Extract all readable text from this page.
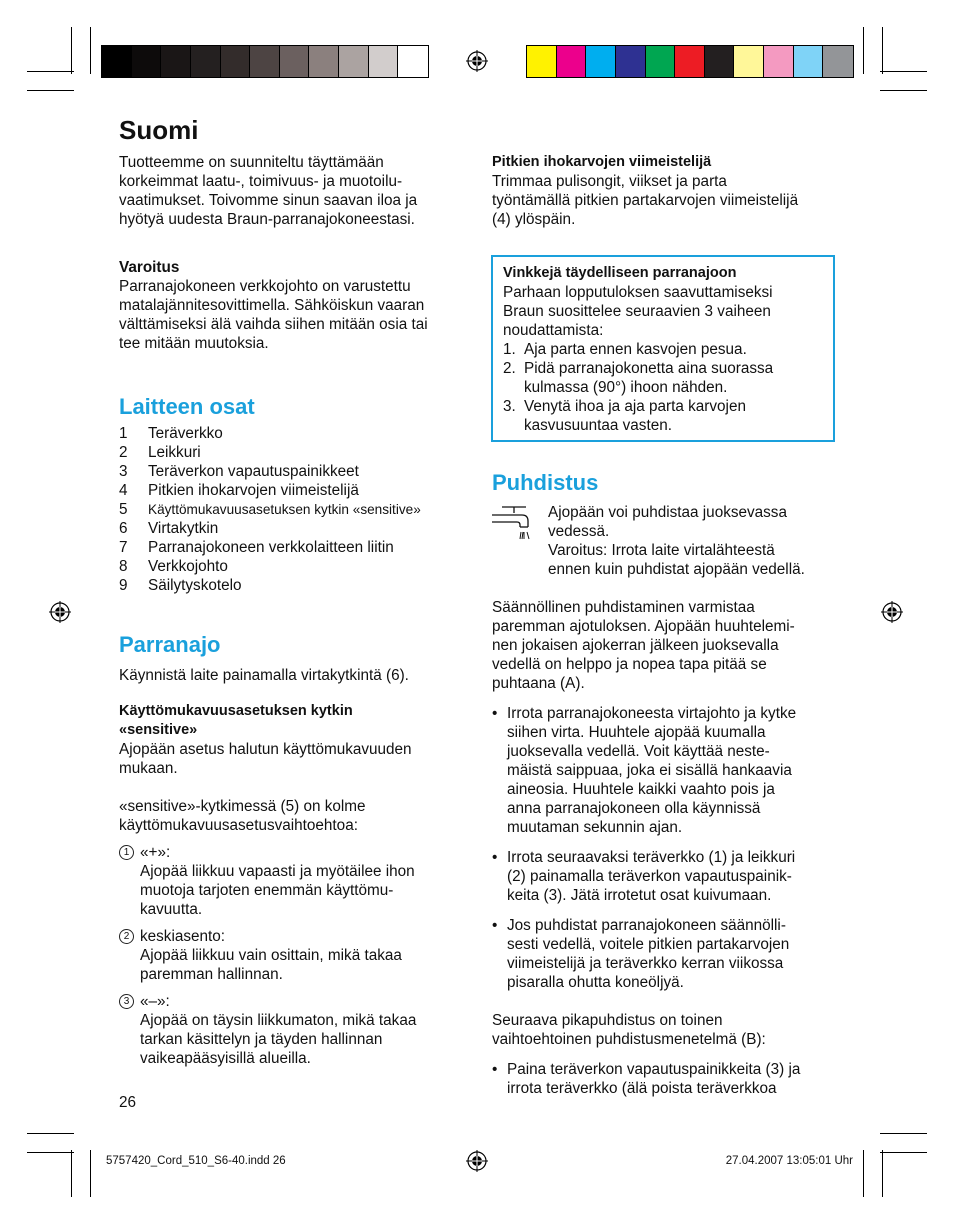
Suomi

Tuotteemme on suunniteltu täyttämään

korkeimmat laatu-, toimivuus- ja muotoilu-

vaatimukset. Toivomme sinun saavan iloa ja

hyötyä uudesta Braun-parranajokoneestasi.

Varoitus

Parranajokoneen verkkojohto on varustettu

matalajännitesovittimella. Sähköiskun vaaran

välttämiseksi älä vaihda siihen mitään osia tai

tee mitään muutoksia.

Laitteen osat
1	Teräverkko
2	Leikkuri
3	Teräverkon vapautuspainikkeet
4	Pitkien ihokarvojen viimeistelijä
5	Käyttömukavuusasetuksen kytkin «sensitive»
6	Virtakytkin
7	Parranajokoneen verkkolaitteen liitin
8	Verkkojohto
9	Säilytyskotelo
Parranajo

Käynnistä laite painamalla virtakytkintä (6).

Käyttömukavuusasetuksen kytkin

«sensitive»

Ajopään asetus halutun käyttömukavuuden

mukaan.

«sensitive»-kytkimessä (5) on kolme

käyttömukavuusasetusvaihtoehtoa:

1 «+»:

Ajopää liikkuu vapaasti ja myötäilee ihon

muotoja tarjoten enemmän käyttömu-

kavuutta.

2 keskiasento:

Ajopää liikkuu vain osittain, mikä takaa

paremman hallinnan.

3 «–»:

Ajopää on täysin liikkumaton, mikä takaa

tarkan käsittelyn ja täyden hallinnan

vaikeapääsyisillä alueilla.

Pitkien ihokarvojen viimeistelijä

Trimmaa pulisongit, viikset ja parta

työntämällä pitkien partakarvojen viimeistelijä

(4) ylöspäin.

Vinkkejä täydelliseen parranajoon

Parhaan lopputuloksen saavuttamiseksi

Braun suosittelee seuraavien 3 vaiheen

noudattamista:

1. Aja parta ennen kasvojen pesua.

2. Pidä parranajokonetta aina suorassa

kulmassa (90°) ihoon nähden.

3. Venytä ihoa ja aja parta karvojen

kasvusuuntaa vasten.

Puhdistus

Ajopään voi puhdistaa juoksevassa

vedessä.

Varoitus: Irrota laite virtalähteestä

ennen kuin puhdistat ajopään vedellä.

Säännöllinen puhdistaminen varmistaa

paremman ajotuloksen. Ajopään huuhtelemi-

nen jokaisen ajokerran jälkeen juoksevalla

vedellä on helppo ja nopea tapa pitää se

puhtaana (A).

• Irrota parranajokoneesta virtajohto ja kytke

siihen virta. Huuhtele ajopää kuumalla

juoksevalla vedellä. Voit käyttää neste-

mäistä saippuaa, joka ei sisällä hankaavia

aineosia. Huuhtele kaikki vaahto pois ja

anna parranajokoneen olla käynnissä

muutaman sekunnin ajan.

• Irrota seuraavaksi teräverkko (1) ja leikkuri

(2) painamalla teräverkon vapautuspainik-

keita (3). Jätä irrotetut osat kuivumaan.

• Jos puhdistat parranajokoneen säännölli-

sesti vedellä, voitele pitkien partakarvojen

viimeistelijä ja teräverkko kerran viikossa

pisaralla ohutta koneöljyä.

Seuraava pikapuhdistus on toinen

vaihtoehtoinen puhdistusmenetelmä (B):

• Paina teräverkon vapautuspainikkeita (3) ja

irrota teräverkko (älä poista teräverkkoa

26
5757420_Cord_510_S6-40.indd 26	27.04.2007 13:05:01 Uhr
